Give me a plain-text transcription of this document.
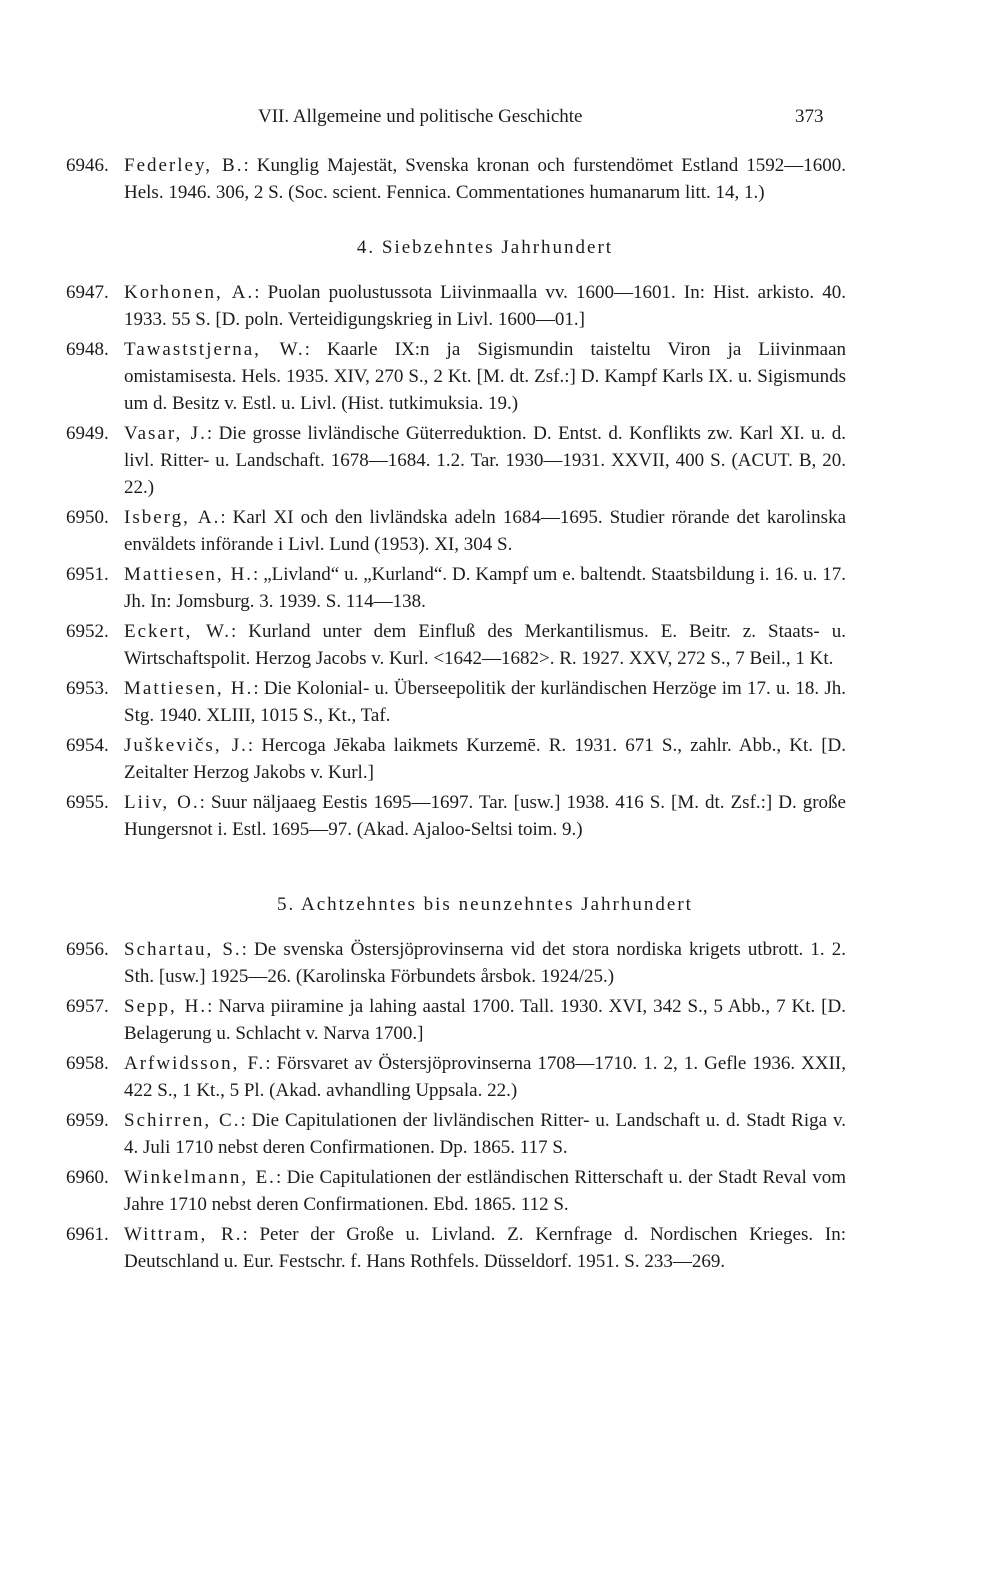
VII. Allgemeine und politische Geschichte	373
6946. Federley, B.: Kunglig Majestät, Svenska kronan och furstendömet Estland 1592—1600. Hels. 1946. 306, 2 S. (Soc. scient. Fennica. Commentationes humanarum litt. 14, 1.)
4. Siebzehntes Jahrhundert
6947. Korhonen, A.: Puolan puolustussota Liivinmaalla vv. 1600—1601. In: Hist. arkisto. 40. 1933. 55 S. [D. poln. Verteidigungskrieg in Livl. 1600—01.]
6948. Tawaststjerna, W.: Kaarle IX:n ja Sigismundin taisteltu Viron ja Liivinmaan omistamisesta. Hels. 1935. XIV, 270 S., 2 Kt. [M. dt. Zsf.:] D. Kampf Karls IX. u. Sigismunds um d. Besitz v. Estl. u. Livl. (Hist. tutkimuksia. 19.)
6949. Vasar, J.: Die grosse livländische Güterreduktion. D. Entst. d. Konflikts zw. Karl XI. u. d. livl. Ritter- u. Landschaft. 1678—1684. 1.2. Tar. 1930—1931. XXVII, 400 S. (ACUT. B, 20. 22.)
6950. Isberg, A.: Karl XI och den livländska adeln 1684—1695. Studier rörande det karolinska enväldets införande i Livl. Lund (1953). XI, 304 S.
6951. Mattiesen, H.: „Livland“ u. „Kurland“. D. Kampf um e. baltendt. Staatsbildung i. 16. u. 17. Jh. In: Jomsburg. 3. 1939. S. 114—138.
6952. Eckert, W.: Kurland unter dem Einfluß des Merkantilismus. E. Beitr. z. Staats- u. Wirtschaftspolit. Herzog Jacobs v. Kurl. <1642—1682>. R. 1927. XXV, 272 S., 7 Beil., 1 Kt.
6953. Mattiesen, H.: Die Kolonial- u. Überseepolitik der kurländischen Herzöge im 17. u. 18. Jh. Stg. 1940. XLIII, 1015 S., Kt., Taf.
6954. Juškevičs, J.: Hercoga Jēkaba laikmets Kurzemē. R. 1931. 671 S., zahlr. Abb., Kt. [D. Zeitalter Herzog Jakobs v. Kurl.]
6955. Liiv, O.: Suur näljaaeg Eestis 1695—1697. Tar. [usw.] 1938. 416 S. [M. dt. Zsf.:] D. große Hungersnot i. Estl. 1695—97. (Akad. Ajaloo-Seltsi toim. 9.)
5. Achtzehntes bis neunzehntes Jahrhundert
6956. Schartau, S.: De svenska Östersjöprovinserna vid det stora nordiska krigets utbrott. 1. 2. Sth. [usw.] 1925—26. (Karolinska Förbundets årsbok. 1924/25.)
6957. Sepp, H.: Narva piiramine ja lahing aastal 1700. Tall. 1930. XVI, 342 S., 5 Abb., 7 Kt. [D. Belagerung u. Schlacht v. Narva 1700.]
6958. Arfwidsson, F.: Försvaret av Östersjöprovinserna 1708—1710. 1. 2, 1. Gefle 1936. XXII, 422 S., 1 Kt., 5 Pl. (Akad. avhandling Uppsala. 22.)
6959. Schirren, C.: Die Capitulationen der livländischen Ritter- u. Landschaft u. d. Stadt Riga v. 4. Juli 1710 nebst deren Confirmationen. Dp. 1865. 117 S.
6960. Winkelmann, E.: Die Capitulationen der estländischen Ritterschaft u. der Stadt Reval vom Jahre 1710 nebst deren Confirmationen. Ebd. 1865. 112 S.
6961. Wittram, R.: Peter der Große u. Livland. Z. Kernfrage d. Nordischen Krieges. In: Deutschland u. Eur. Festschr. f. Hans Rothfels. Düsseldorf. 1951. S. 233—269.
